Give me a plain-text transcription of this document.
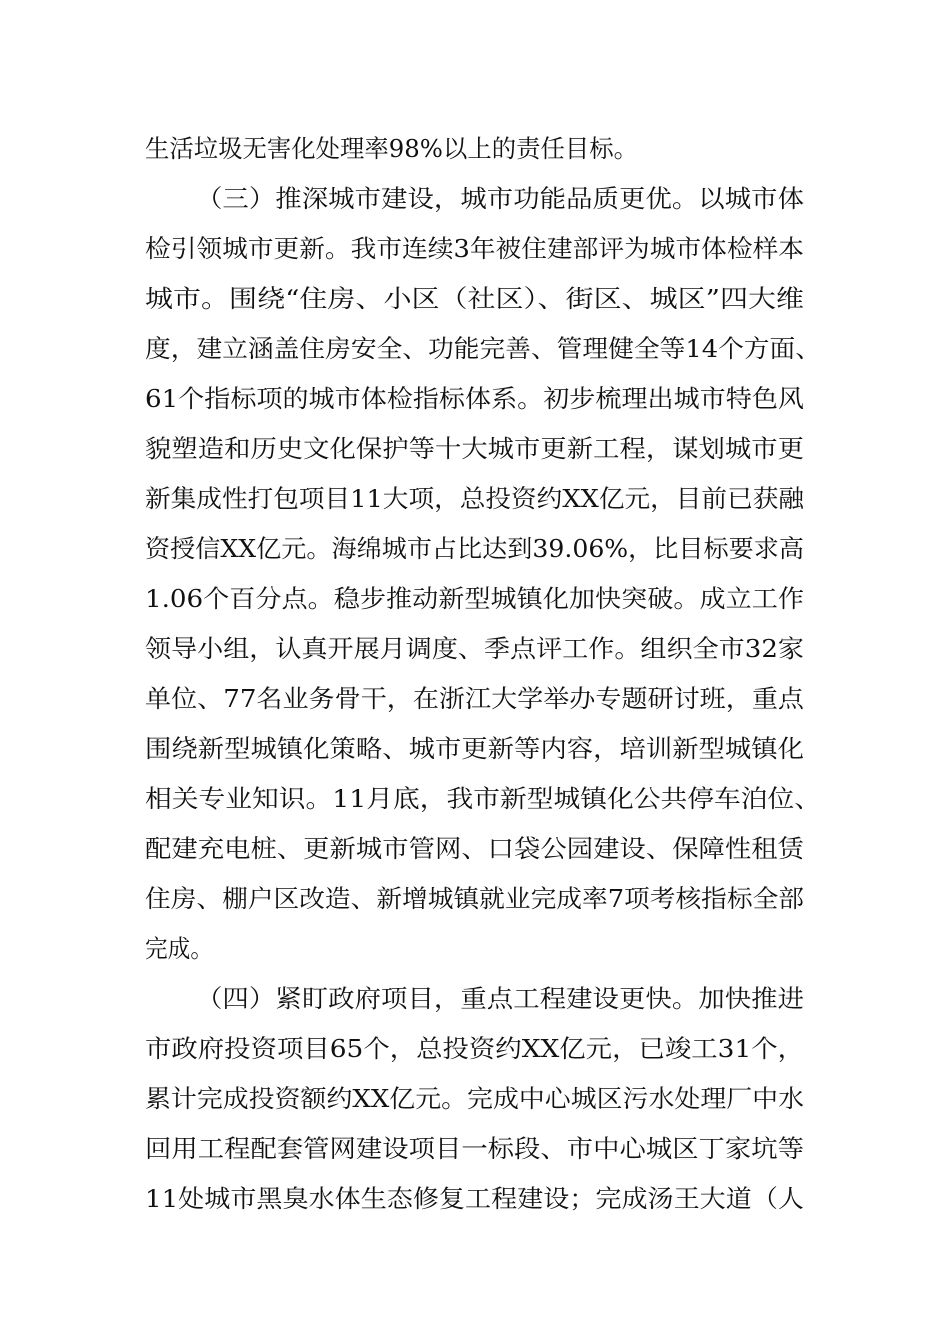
生活垃圾无害化处理率98%以上的责任目标。
（三）推深城市建设，城市功能品质更优。以城市体
检引领城市更新。我市连续3年被住建部评为城市体检样本
城市。围绕“住房、小区（社区）、街区、城区”四大维
度，建立涵盖住房安全、功能完善、管理健全等14个方面、
61个指标项的城市体检指标体系。初步梳理出城市特色风
貌塑造和历史文化保护等十大城市更新工程，谋划城市更
新集成性打包项目11大项，总投资约XX亿元，目前已获融
资授信XX亿元。海绵城市占比达到39.06%，比目标要求高
1.06个百分点。稳步推动新型城镇化加快突破。成立工作
领导小组，认真开展月调度、季点评工作。组织全市32家
单位、77名业务骨干，在浙江大学举办专题研讨班，重点
围绕新型城镇化策略、城市更新等内容，培训新型城镇化
相关专业知识。11月底，我市新型城镇化公共停车泊位、
配建充电桩、更新城市管网、口袋公园建设、保障性租赁
住房、棚户区改造、新增城镇就业完成率7项考核指标全部
完成。
（四）紧盯政府项目，重点工程建设更快。加快推进
市政府投资项目65个，总投资约XX亿元，已竣工31个，
累计完成投资额约XX亿元。完成中心城区污水处理厂中水
回用工程配套管网建设项目一标段、市中心城区丁家坑等
11处城市黑臭水体生态修复工程建设；完成汤王大道（人
